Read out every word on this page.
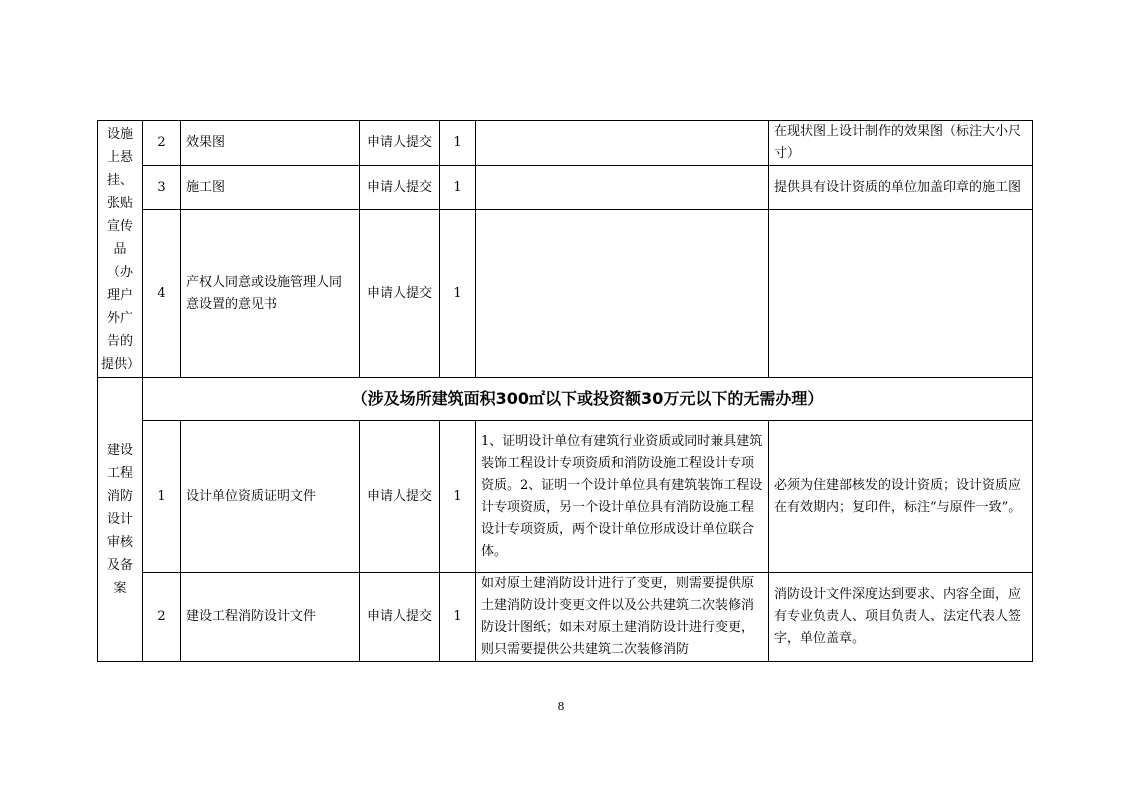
设施上悬挂、张贴宣传品（办理户外广告的提供）	2	效果图	申请人提交	1		在现状图上设计制作的效果图（标注大小尺寸）
	3	施工图	申请人提交	1		提供具有设计资质的单位加盖印章的施工图
	4	产权人同意或设施管理人同意设置的意见书	申请人提交	1		
建设工程消防设计审核及备案	（涉及场所建筑面积300㎡以下或投资额30万元以下的无需办理）					
	1	设计单位资质证明文件	申请人提交	1	1、证明设计单位有建筑行业资质或同时兼具建筑装饰工程设计专项资质和消防设施工程设计专项资质。2、证明一个设计单位具有建筑装饰工程设计专项资质，另一个设计单位具有消防设施工程设计专项资质，两个设计单位形成设计单位联合体。	必须为住建部核发的设计资质；设计资质应在有效期内；复印件，标注“与原件一致”。
	2	建设工程消防设计文件	申请人提交	1	如对原土建消防设计进行了变更，则需要提供原土建消防设计变更文件以及公共建筑二次装修消防设计图纸；如未对原土建消防设计进行变更，则只需要提供公共建筑二次装修消防	消防设计文件深度达到要求、内容全面，应有专业负责人、项目负责人、法定代表人签字，单位盖章。
8
